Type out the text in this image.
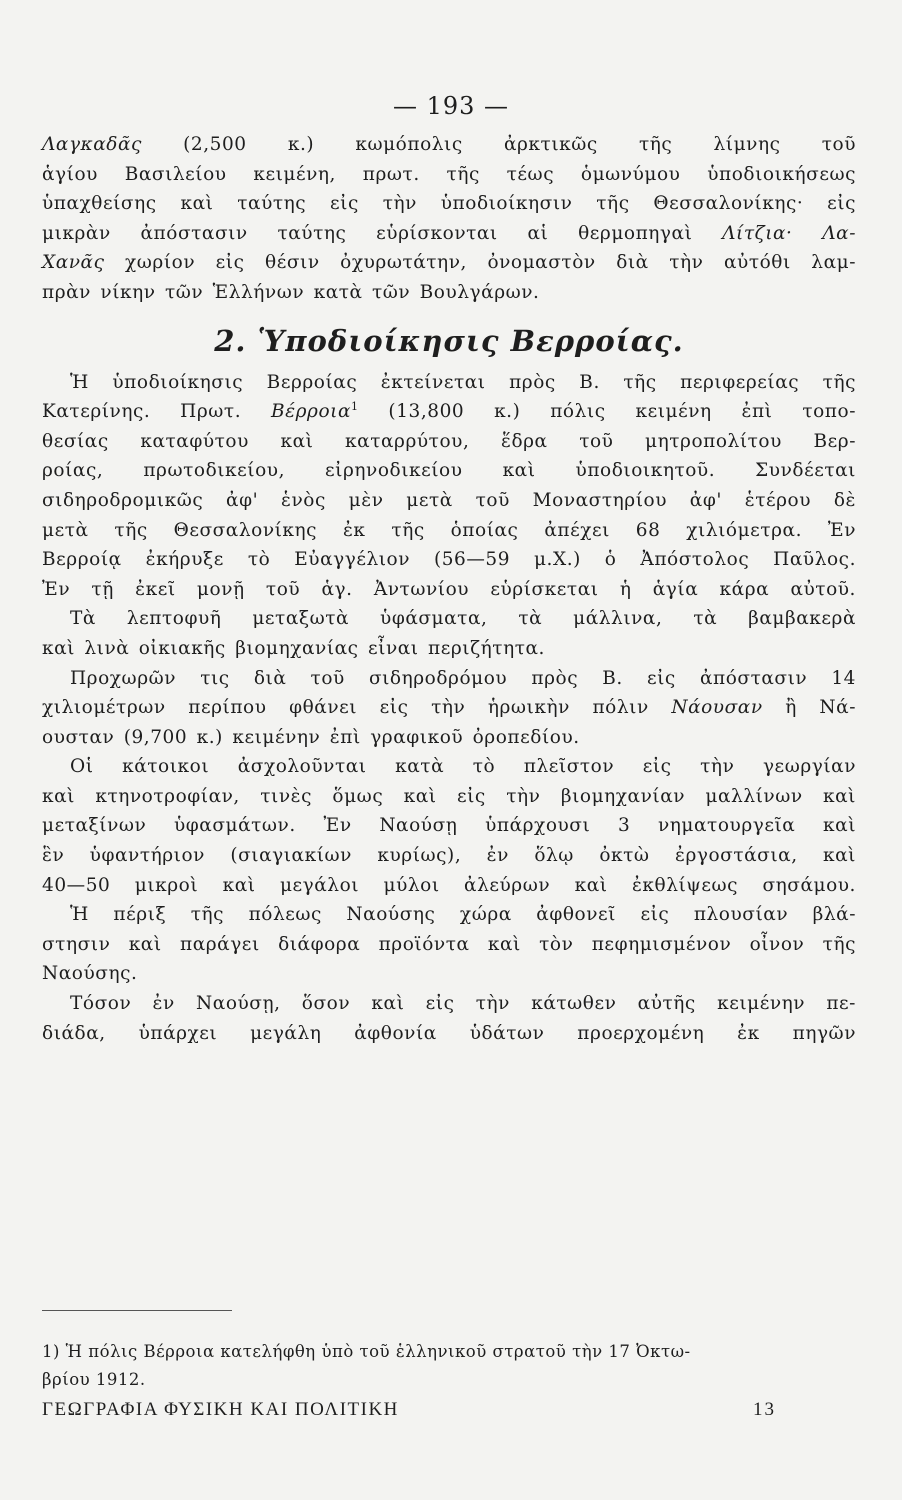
— 193 —
Λαγκαδᾶς (2,500 κ.) κωμόπολις ἀρκτικῶς τῆς λίμνης τοῦ
ἁγίου Βασιλείου κειμένη, πρωτ. τῆς τέως ὁμωνύμου ὑποδιοικήσεως
ὑπαχθείσης καὶ ταύτης εἰς τὴν ὑποδιοίκησιν τῆς Θεσσαλονίκης· εἰς
μικρὰν ἀπόστασιν ταύτης εὑρίσκονται αἱ θερμοπηγαὶ Λίτζια· Λα-
Χανᾶς χωρίον εἰς θέσιν ὀχυρωτάτην, ὀνομαστὸν διὰ τὴν αὐτόθι λαμ-
πρὰν νίκην τῶν Ἑλλήνων κατὰ τῶν Βουλγάρων.
2. Ὑποδιοίκησις Βερροίας.
Ἡ ὑποδιοίκησις Βερροίας ἐκτείνεται πρὸς Β. τῆς περιφερείας τῆς
Κατερίνης. Πρωτ. Βέρροια$^1$ (13,800 κ.) πόλις κειμένη ἐπὶ τοπο-
θεσίας καταφύτου καὶ καταρρύτου, ἕδρα τοῦ μητροπολίτου Βερ-
ροίας, πρωτοδικείου, εἰρηνοδικείου καὶ ὑποδιοικητοῦ. Συνδέεται
σιδηροδρομικῶς ἀφ' ἑνὸς μὲν μετὰ τοῦ Μοναστηρίου ἀφ' ἑτέρου δὲ
μετὰ τῆς Θεσσαλονίκης ἐκ τῆς ὁποίας ἀπέχει 68 χιλιόμετρα. Ἐν
Βερροίᾳ ἐκήρυξε τὸ Εὐαγγέλιον (56—59 μ.Χ.) ὁ Ἀπόστολος Παῦλος.
Ἐν τῇ ἐκεῖ μονῇ τοῦ ἁγ. Ἀντωνίου εὑρίσκεται ἡ ἁγία κάρα αὐτοῦ.
Τὰ λεπτοφυῆ μεταξωτὰ ὑφάσματα, τὰ μάλλινα, τὰ βαμβακερὰ
καὶ λινὰ οἰκιακῆς βιομηχανίας εἶναι περιζήτητα.
Προχωρῶν τις διὰ τοῦ σιδηροδρόμου πρὸς Β. εἰς ἀπόστασιν 14
χιλιομέτρων περίπου φθάνει εἰς τὴν ἡρωικὴν πόλιν Νάουσαν ἢ Νά-
ουσταν (9,700 κ.) κειμένην ἐπὶ γραφικοῦ ὀροπεδίου.
Οἱ κάτοικοι ἀσχολοῦνται κατὰ τὸ πλεῖστον εἰς τὴν γεωργίαν
καὶ κτηνοτροφίαν, τινὲς ὅμως καὶ εἰς τὴν βιομηχανίαν μαλλίνων καὶ
μεταξίνων ὑφασμάτων. Ἐν Ναούσῃ ὑπάρχουσι 3 νηματουργεῖα καὶ
ἓν ὑφαντήριον (σιαγιακίων κυρίως), ἐν ὅλῳ ὀκτὼ ἐργοστάσια, καὶ
40—50 μικροὶ καὶ μεγάλοι μύλοι ἀλεύρων καὶ ἐκθλίψεως σησάμου.
Ἡ πέριξ τῆς πόλεως Ναούσης χώρα ἀφθονεῖ εἰς πλουσίαν βλά-
στησιν καὶ παράγει διάφορα προϊόντα καὶ τὸν πεφημισμένον οἶνον τῆς
Ναούσης.
Τόσον ἐν Ναούσῃ, ὅσον καὶ εἰς τὴν κάτωθεν αὐτῆς κειμένην πε-
διάδα, ὑπάρχει μεγάλη ἀφθονία ὑδάτων προερχομένη ἐκ πηγῶν
1) Ἡ πόλις Βέρροια κατελήφθη ὑπὸ τοῦ ἑλληνικοῦ στρατοῦ τὴν 17 Ὀκτω-
βρίου 1912.
ΓΕΩΓΡΑΦΙΑ ΦΥΣΙΚΗ ΚΑΙ ΠΟΛΙΤΙΚΗ	13
